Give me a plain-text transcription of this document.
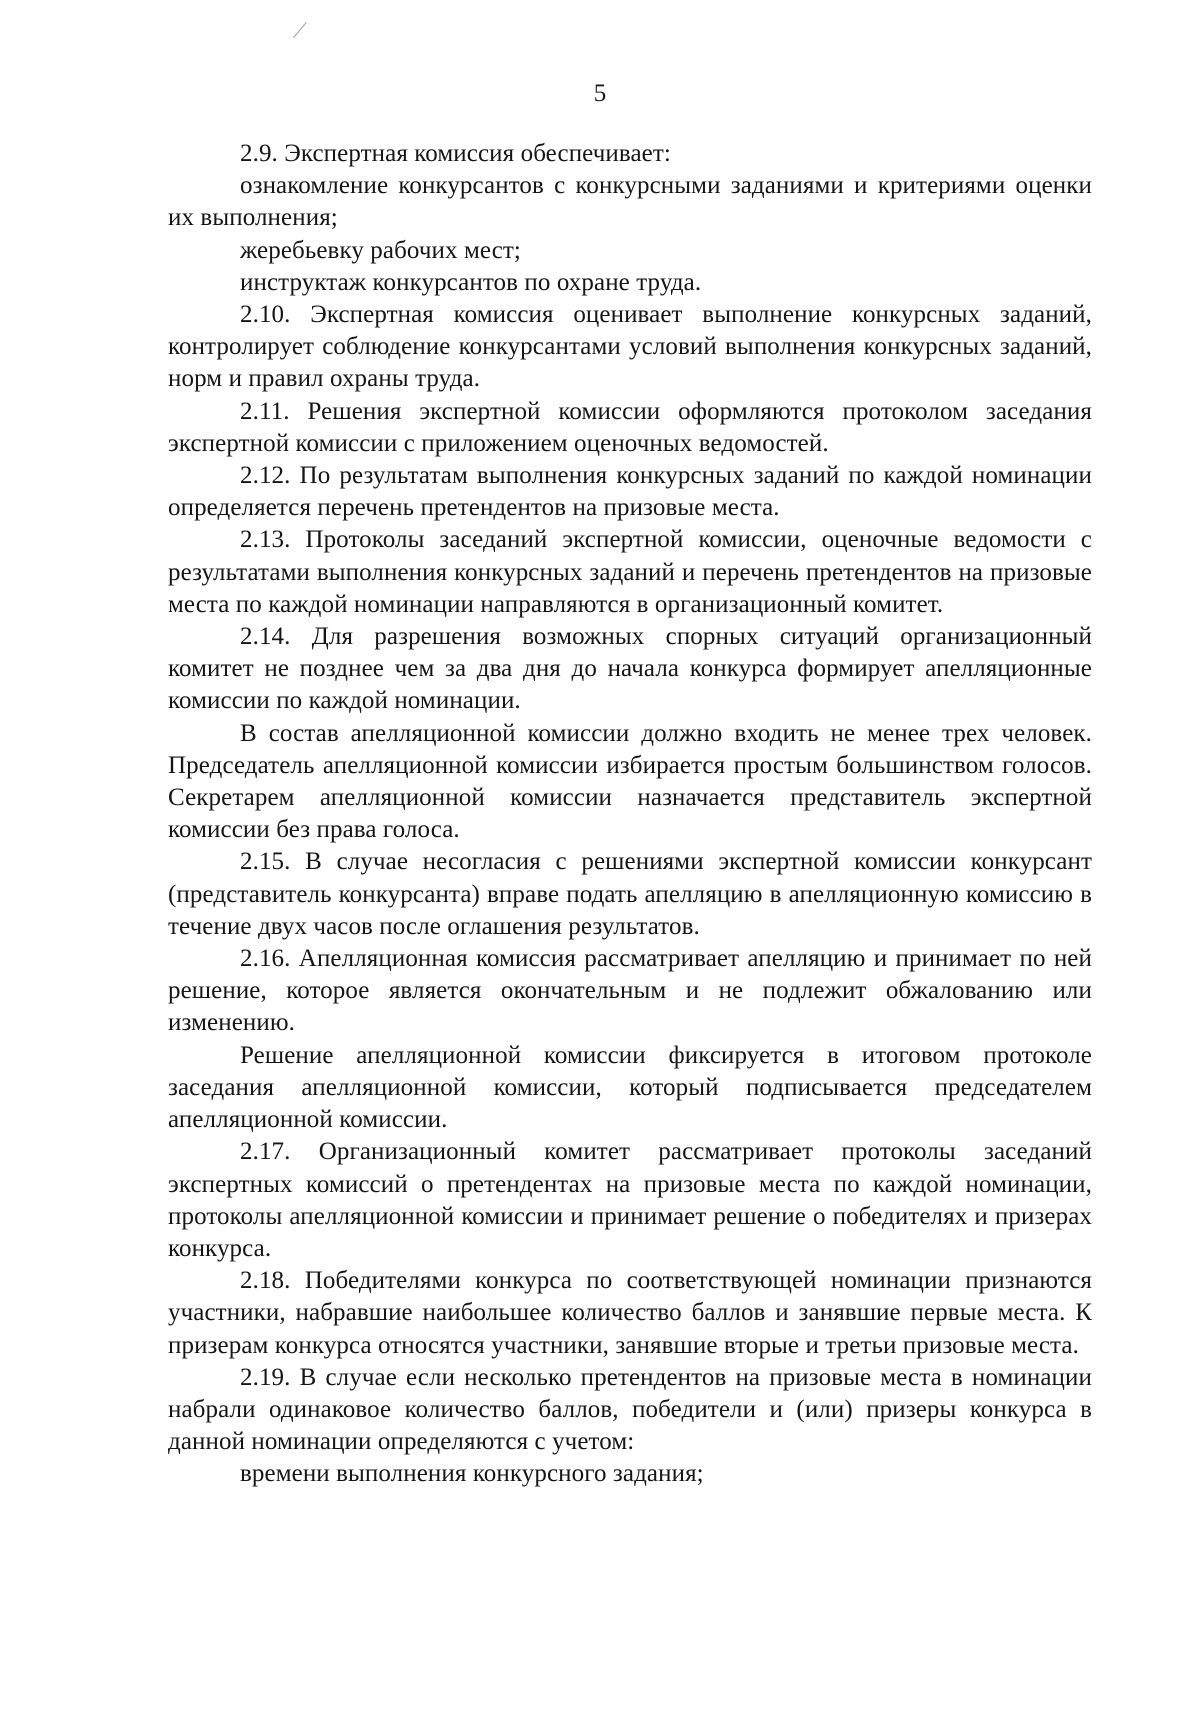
5

2.9. Экспертная комиссия обеспечивает:

ознакомление конкурсантов с конкурсными заданиями и критериями оценки их выполнения;

жеребьевку рабочих мест;

инструктаж конкурсантов по охране труда.

2.10. Экспертная комиссия оценивает выполнение конкурсных заданий, контролирует соблюдение конкурсантами условий выполнения конкурсных заданий, норм и правил охраны труда.

2.11. Решения экспертной комиссии оформляются протоколом заседания экспертной комиссии с приложением оценочных ведомостей.

2.12. По результатам выполнения конкурсных заданий по каждой номинации определяется перечень претендентов на призовые места.

2.13. Протоколы заседаний экспертной комиссии, оценочные ведомости с результатами выполнения конкурсных заданий и перечень претендентов на призовые места по каждой номинации направляются в организационный комитет.

2.14. Для разрешения возможных спорных ситуаций организационный комитет не позднее чем за два дня до начала конкурса формирует апелляционные комиссии по каждой номинации.

В состав апелляционной комиссии должно входить не менее трех человек. Председатель апелляционной комиссии избирается простым большинством голосов. Секретарем апелляционной комиссии назначается представитель экспертной комиссии без права голоса.

2.15. В случае несогласия с решениями экспертной комиссии конкурсант (представитель конкурсанта) вправе подать апелляцию в апелляционную комиссию в течение двух часов после оглашения результатов.

2.16. Апелляционная комиссия рассматривает апелляцию и принимает по ней решение, которое является окончательным и не подлежит обжалованию или изменению.

Решение апелляционной комиссии фиксируется в итоговом протоколе заседания апелляционной комиссии, который подписывается председателем апелляционной комиссии.

2.17. Организационный комитет рассматривает протоколы заседаний экспертных комиссий о претендентах на призовые места по каждой номинации, протоколы апелляционной комиссии и принимает решение о победителях и призерах конкурса.

2.18. Победителями конкурса по соответствующей номинации признаются участники, набравшие наибольшее количество баллов и занявшие первые места. К призерам конкурса относятся участники, занявшие вторые и третьи призовые места.

2.19. В случае если несколько претендентов на призовые места в номинации набрали одинаковое количество баллов, победители и (или) призеры конкурса в данной номинации определяются с учетом:

времени выполнения конкурсного задания;
